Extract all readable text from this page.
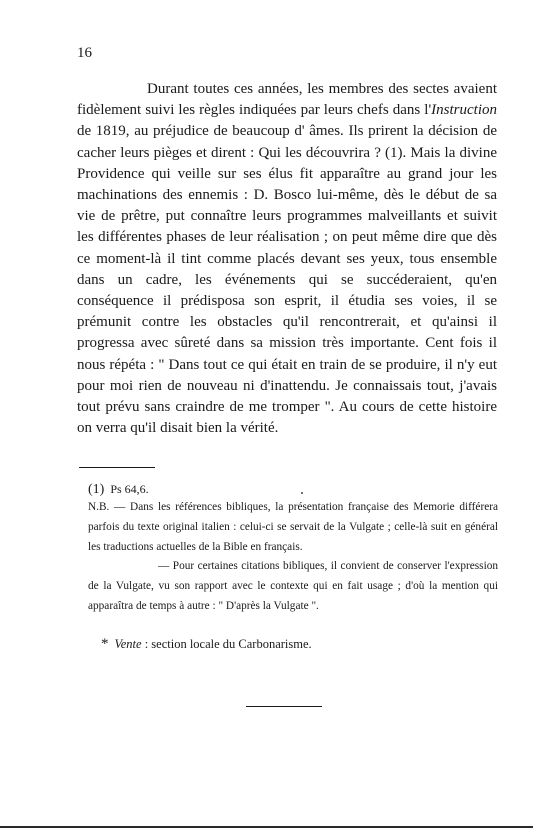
16

Durant toutes ces années, les membres des sectes avaient fidèlement suivi les règles indiquées par leurs chefs dans l'Instruction de 1819, au préjudice de beaucoup d' âmes. Ils prirent la décision de cacher leurs pièges et dirent : Qui les découvrira ? (1). Mais la divine Providence qui veille sur ses élus fit apparaître au grand jour les machinations des ennemis : D. Bosco lui-même, dès le début de sa vie de prêtre, put connaître leurs programmes malveillants et suivit les différentes phases de leur réalisation ; on peut même dire que dès ce moment-là il tint comme placés devant ses yeux, tous ensemble dans un cadre, les événements qui se succéderaient, qu'en conséquence il prédisposa son esprit, il étudia ses voies, il se prémunit contre les obstacles qu'il rencontrerait, et qu'ainsi il progressa avec sûreté dans sa mission très importante. Cent fois il nous répéta : " Dans tout ce qui était en train de se produire, il n'y eut pour moi rien de nouveau ni d'inattendu. Je connaissais tout, j'avais tout prévu sans craindre de me tromper ". Au cours de cette histoire on verra qu'il disait bien la vérité.

(1) Ps 64,6.

N.B. — Dans les références bibliques, la présentation française des Memorie différera parfois du texte original italien : celui-ci se servait de la Vulgate ; celle-là suit en général les traductions actuelles de la Bible en français.

— Pour certaines citations bibliques, il convient de conserver l'expression de la Vulgate, vu son rapport avec le contexte qui en fait usage ; d'où la mention qui apparaîtra de temps à autre : " D'après la Vulgate ".

* Vente : section locale du Carbonarisme.
